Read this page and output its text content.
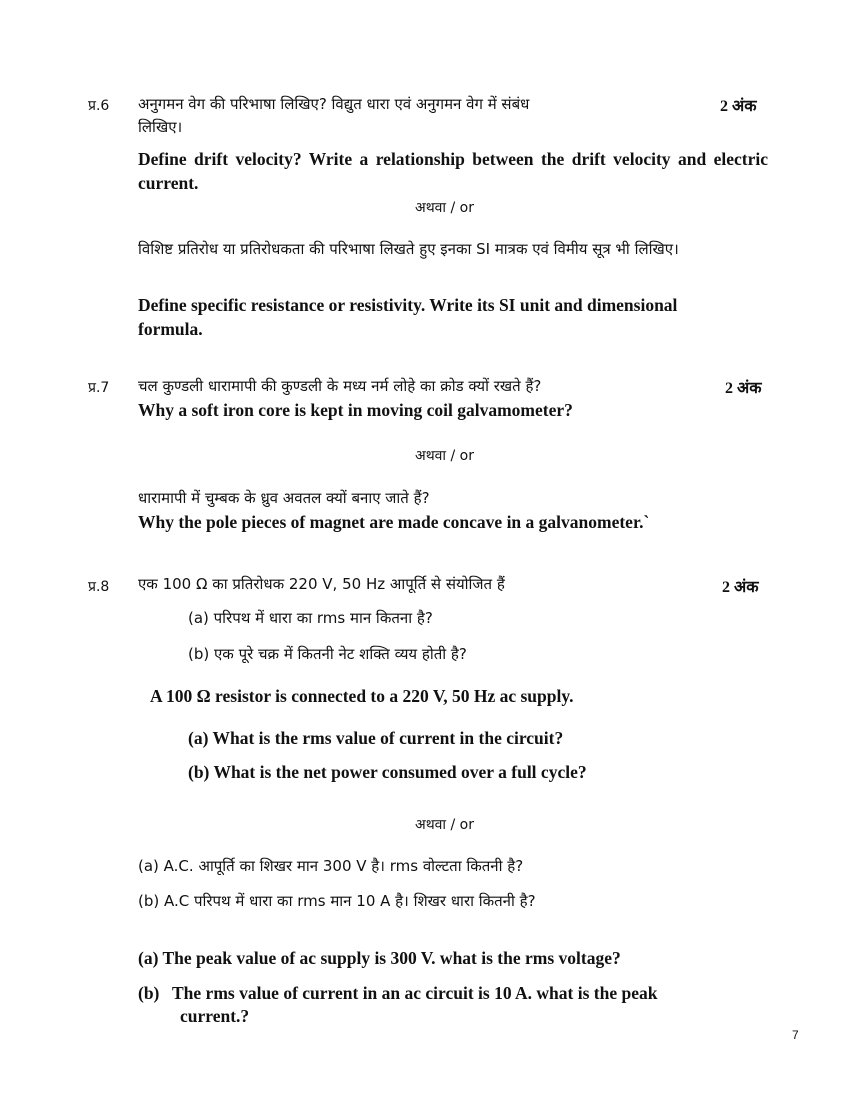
प्र.6 अनुगमन वेग की परिभाषा लिखिए? विद्युत धारा एवं अनुगमन वेग में संबंध	2 अंक
लिखिए।
Define drift velocity? Write a relationship between the drift velocity and electric current.
अथवा / or
विशिष्ट प्रतिरोध या प्रतिरोधकता की परिभाषा लिखते हुए इनका SI मात्रक एवं विमीय सूत्र भी लिखिए।
Define specific resistance or resistivity. Write its SI unit and dimensional formula.
प्र.7 चल कुण्डली धारामापी की कुण्डली के मध्य नर्म लोहे का क्रोड क्यों रखते हैं?	2 अंक
Why a soft iron core is kept in moving coil galvamometer?
अथवा / or
धारामापी में चुम्बक के ध्रुव अवतल क्यों बनाए जाते हैं?
Why the pole pieces of magnet are made concave in a galvanometer.`
प्र.8 एक 100 Ω का प्रतिरोधक 220 V, 50 Hz आपूर्ति से संयोजित हैं	2 अंक
(a) परिपथ में धारा का rms मान कितना है?
(b) एक पूरे चक्र में कितनी नेट शक्ति व्यय होती है?
A 100 Ω resistor is connected to a 220 V, 50 Hz ac supply.
(a) What is the rms value of current in the circuit?
(b) What is the net power consumed over a full cycle?
अथवा / or
(a) A.C. आपूर्ति का शिखर मान 300 V है। rms वोल्टता कितनी है?
(b) A.C परिपथ में धारा का rms मान 10 A है। शिखर धारा कितनी है?
(a) The peak value of ac supply is 300 V. what is the rms voltage?
(b) The rms value of current in an ac circuit is 10 A. what is the peak
current.?
7
